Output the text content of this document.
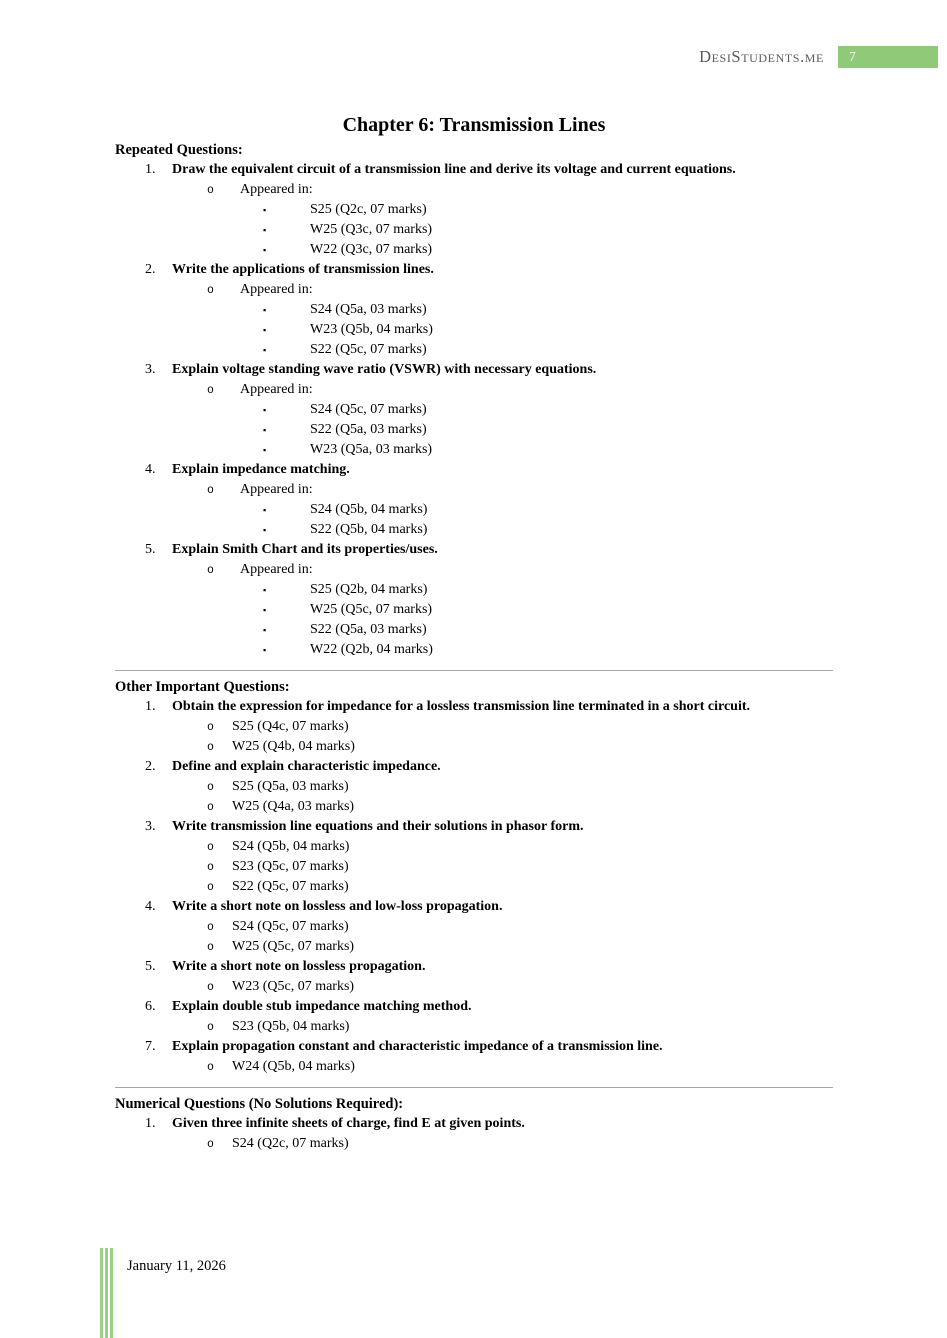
DesiStudents.me	7
Chapter 6: Transmission Lines
Repeated Questions:
1. Draw the equivalent circuit of a transmission line and derive its voltage and current equations.
o Appeared in:
▪	S25 (Q2c, 07 marks)
▪	W25 (Q3c, 07 marks)
▪	W22 (Q3c, 07 marks)
2. Write the applications of transmission lines.
o Appeared in:
▪	S24 (Q5a, 03 marks)
▪	W23 (Q5b, 04 marks)
▪	S22 (Q5c, 07 marks)
3. Explain voltage standing wave ratio (VSWR) with necessary equations.
o Appeared in:
▪	S24 (Q5c, 07 marks)
▪	S22 (Q5a, 03 marks)
▪	W23 (Q5a, 03 marks)
4. Explain impedance matching.
o Appeared in:
▪	S24 (Q5b, 04 marks)
▪	S22 (Q5b, 04 marks)
5. Explain Smith Chart and its properties/uses.
o Appeared in:
▪	S25 (Q2b, 04 marks)
▪	W25 (Q5c, 07 marks)
▪	S22 (Q5a, 03 marks)
▪	W22 (Q2b, 04 marks)
Other Important Questions:
1. Obtain the expression for impedance for a lossless transmission line terminated in a short circuit.
o S25 (Q4c, 07 marks)
o W25 (Q4b, 04 marks)
2. Define and explain characteristic impedance.
o S25 (Q5a, 03 marks)
o W25 (Q4a, 03 marks)
3. Write transmission line equations and their solutions in phasor form.
o S24 (Q5b, 04 marks)
o S23 (Q5c, 07 marks)
o S22 (Q5c, 07 marks)
4. Write a short note on lossless and low-loss propagation.
o S24 (Q5c, 07 marks)
o W25 (Q5c, 07 marks)
5. Write a short note on lossless propagation.
o W23 (Q5c, 07 marks)
6. Explain double stub impedance matching method.
o S23 (Q5b, 04 marks)
7. Explain propagation constant and characteristic impedance of a transmission line.
o W24 (Q5b, 04 marks)
Numerical Questions (No Solutions Required):
1. Given three infinite sheets of charge, find E at given points.
o S24 (Q2c, 07 marks)
January 11, 2026
